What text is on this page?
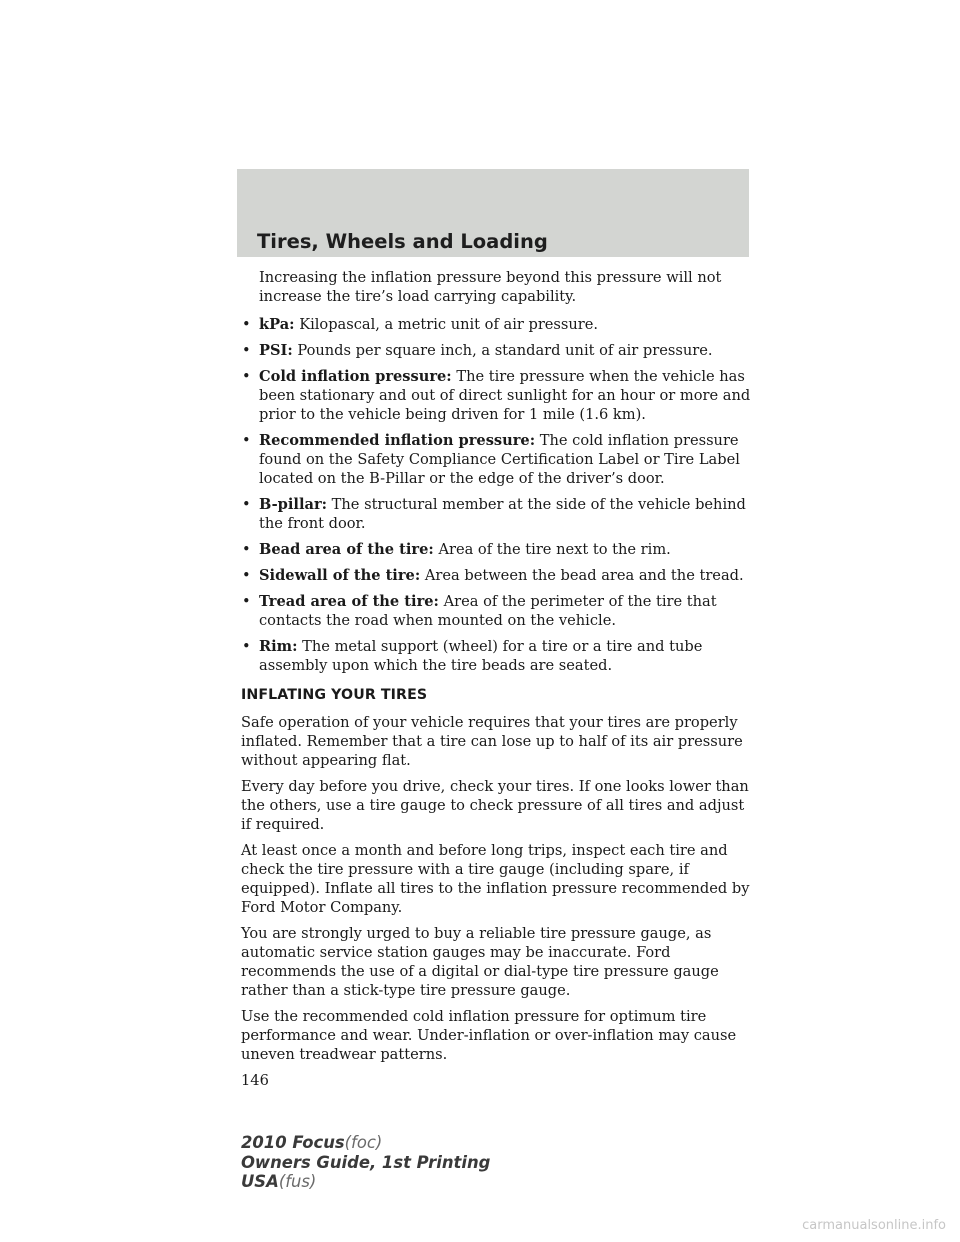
Tires, Wheels and Loading

Increasing the inflation pressure beyond this pressure will not increase the tire’s load carrying capability.

• kPa: Kilopascal, a metric unit of air pressure.
• PSI: Pounds per square inch, a standard unit of air pressure.
• Cold inflation pressure: The tire pressure when the vehicle has been stationary and out of direct sunlight for an hour or more and prior to the vehicle being driven for 1 mile (1.6 km).
• Recommended inflation pressure: The cold inflation pressure found on the Safety Compliance Certification Label or Tire Label located on the B-Pillar or the edge of the driver’s door.
• B-pillar: The structural member at the side of the vehicle behind the front door.
• Bead area of the tire: Area of the tire next to the rim.
• Sidewall of the tire: Area between the bead area and the tread.
• Tread area of the tire: Area of the perimeter of the tire that contacts the road when mounted on the vehicle.
• Rim: The metal support (wheel) for a tire or a tire and tube assembly upon which the tire beads are seated.
INFLATING YOUR TIRES

Safe operation of your vehicle requires that your tires are properly inflated. Remember that a tire can lose up to half of its air pressure without appearing flat.

Every day before you drive, check your tires. If one looks lower than the others, use a tire gauge to check pressure of all tires and adjust if required.

At least once a month and before long trips, inspect each tire and check the tire pressure with a tire gauge (including spare, if equipped). Inflate all tires to the inflation pressure recommended by Ford Motor Company.

You are strongly urged to buy a reliable tire pressure gauge, as automatic service station gauges may be inaccurate. Ford recommends the use of a digital or dial-type tire pressure gauge rather than a stick-type tire pressure gauge.

Use the recommended cold inflation pressure for optimum tire performance and wear. Under-inflation or over-inflation may cause uneven treadwear patterns.

146
2010 Focus(foc)
Owners Guide, 1st Printing
USA(fus)
carmanualsonline.info
